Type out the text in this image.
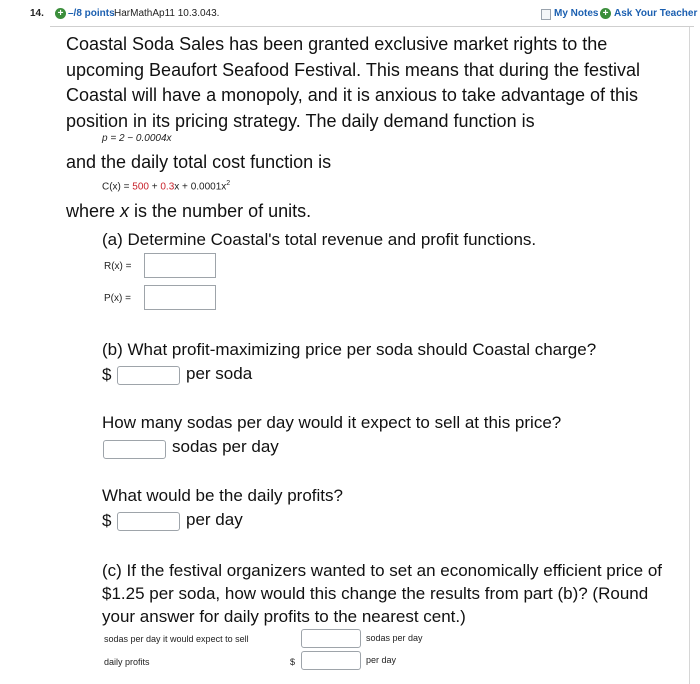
14. + –/8 points HarMathAp11 10.3.043.	My Notes + Ask Your Teacher
Coastal Soda Sales has been granted exclusive market rights to the upcoming Beaufort Seafood Festival. This means that during the festival Coastal will have a monopoly, and it is anxious to take advantage of this position in its pricing strategy. The daily demand function is
p = 2 − 0.0004x
and the daily total cost function is
$C(x) = 500 + 0.3x + 0.0001x^2$
where x is the number of units.
(a) Determine Coastal's total revenue and profit functions.
R(x) =
P(x) =
(b) What profit-maximizing price per soda should Coastal charge?
$	per soda
How many sodas per day would it expect to sell at this price?
sodas per day
What would be the daily profits?
$	per day
(c) If the festival organizers wanted to set an economically efficient price of $1.25 per soda, how would this change the results from part (b)? (Round your answer for daily profits to the nearest cent.)
sodas per day it would expect to sell	sodas per day
daily profits	$	per day
